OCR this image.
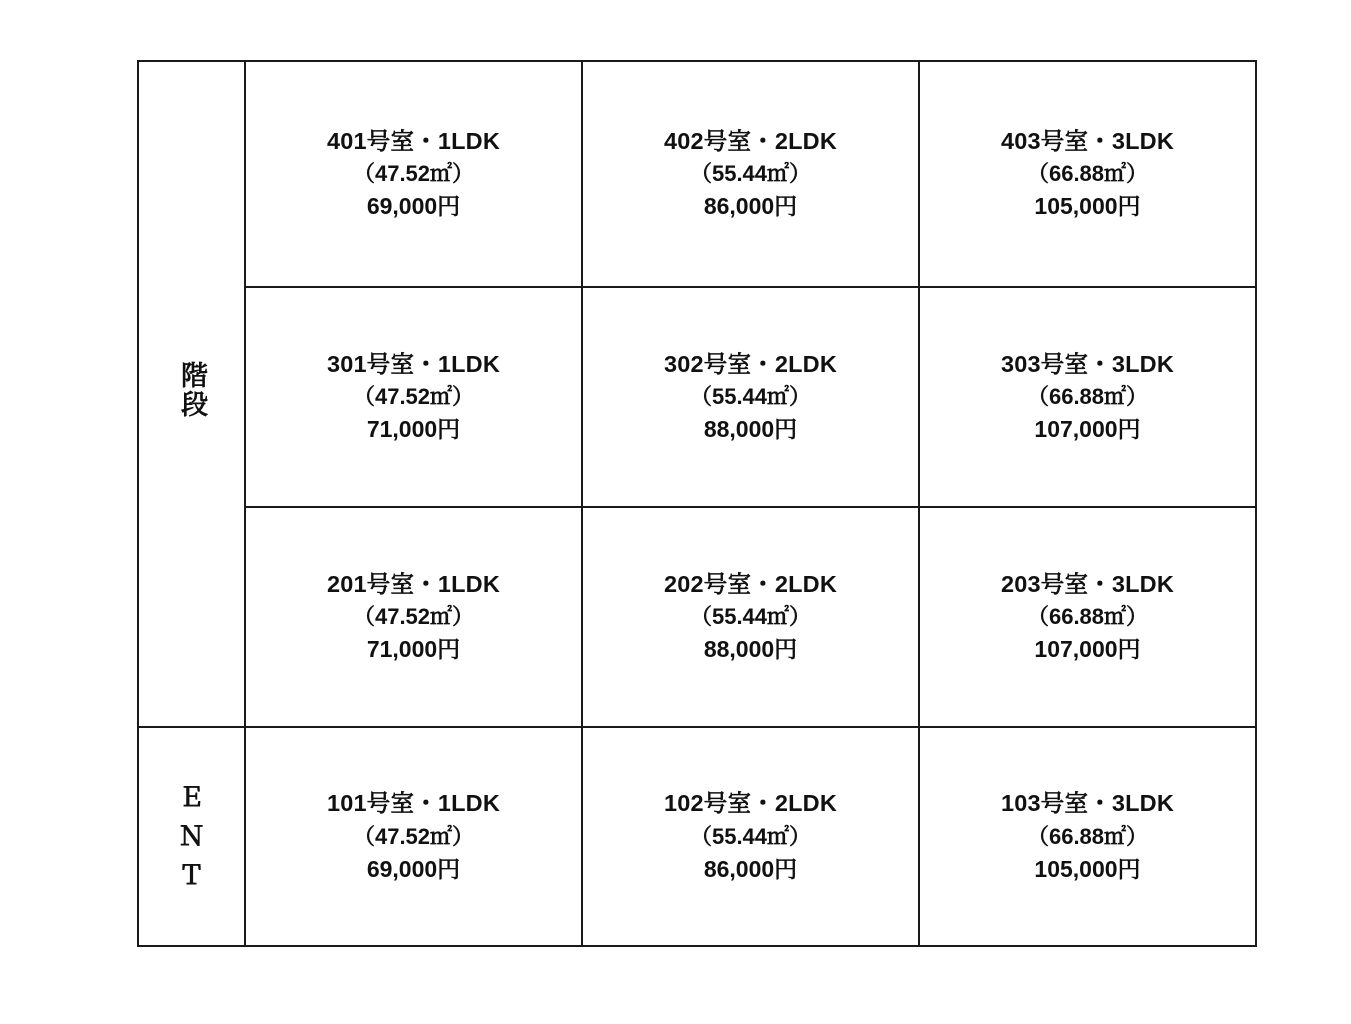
階段	401号室・1LDK
（47.52㎡）
69,000円	402号室・2LDK
（55.44㎡）
86,000円	403号室・3LDK
（66.88㎡）
105,000円

	301号室・1LDK
（47.52㎡）
71,000円	302号室・2LDK
（55.44㎡）
88,000円	303号室・3LDK
（66.88㎡）
107,000円

	201号室・1LDK
（47.52㎡）
71,000円	202号室・2LDK
（55.44㎡）
88,000円	203号室・3LDK
（66.88㎡）
107,000円

Ｅ
Ｎ
Ｔ	101号室・1LDK
（47.52㎡）
69,000円	102号室・2LDK
（55.44㎡）
86,000円	103号室・3LDK
（66.88㎡）
105,000円
